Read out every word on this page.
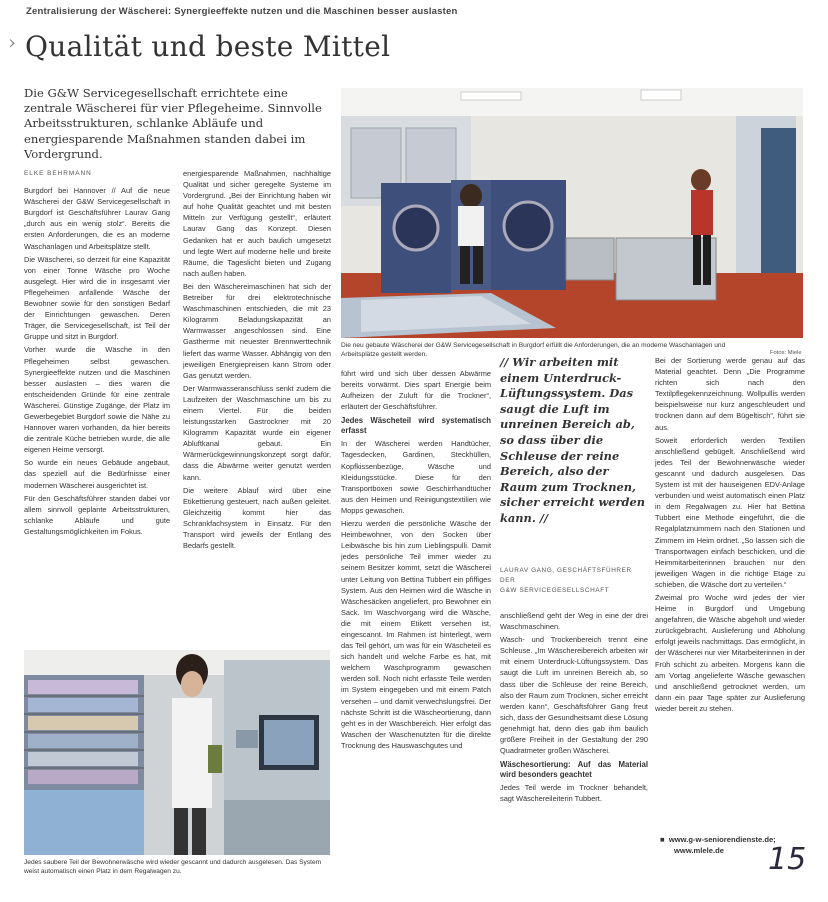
Zentralisierung der Wäscherei: Synergieeffekte nutzen und die Maschinen besser auslasten
› Qualität und beste Mittel
Die G&W Servicegesellschaft errichtete eine zentrale Wäscherei für vier Pflegeheime. Sinnvolle Arbeitsstrukturen, schlanke Abläufe und energiesparende Maßnahmen standen dabei im Vordergrund.

ELKE BEHRMANN

Burgdorf bei Hannover // Auf die neue Wäscherei der G&W Servicegesellschaft in Burgdorf ist Geschäftsführer Laurav Gang „durch aus ein wenig stolz“. Bereits die ersten Anforderungen, die es an moderne Waschanlagen und Arbeitsplätze stellt.

Die Wäscherei, so derzeit für eine Kapazität von einer Tonne Wäsche pro Woche ausgelegt. Hier wird die in insgesamt vier Pflegeheimen anfallende Wäsche der Bewohner sowie für den sonstigen Bedarf der Einrichtungen gewaschen. Deren Träger, die Servicegesellschaft, ist Teil der Gruppe und sitzt in Burgdorf.

Vorher wurde die Wäsche in den Pflegeheimen selbst gewaschen. Synergieeffekte nutzen und die Maschinen besser auslasten – dies waren die entscheidenden Gründe für eine zentrale Wäscherei. Günstige Zugänge, der Platz im Gewerbegebiet Burgdorf sowie die Nähe zu Hannover waren vorhanden, da hier bereits die zentrale Küche betrieben wurde, die alle eigenen Heime versorgt.

So wurde ein neues Gebäude angebaut, das speziell auf die Bedürfnisse einer modernen Wäscherei ausgerichtet ist.

Für den Geschäftsführer standen dabei vor allem sinnvoll geplante Arbeitsstrukturen, schlanke Abläufe und gute Gestaltungsmöglichkeiten im Fokus.

energiesparende Maßnahmen, nachhaltige Qualität und sicher geregelte Systeme im Vordergrund. „Bei der Einrichtung haben wir auf hohe Qualität geachtet und mit besten Mitteln zur Verfügung gestellt“, erläutert Laurav Gang das Konzept. Diesen Gedanken hat er auch baulich umgesetzt und legte Wert auf moderne helle und breite Räume, die Tageslicht bieten und Zugang nach außen haben.

Bei den Wäschereimaschinen hat sich der Betreiber für drei elektrotechnische Waschmaschinen entschieden, die mit 23 Kilogramm Beladungskapazität an Warmwasser angeschlossen sind. Eine Gastherme mit neuester Brennwerttechnik liefert das warme Wasser. Abhängig von den jeweiligen Energiepreisen kann Strom oder Gas genutzt werden.

Der Warmwasseranschluss senkt zudem die Laufzeiten der Waschmaschine um bis zu einem Viertel. Für die beiden leistungsstarken Gastrockner mit 20 Kilogramm Kapazität wurde ein eigener Abluftkanal gebaut. Ein Wärmerückgewinnungskonzept sorgt dafür, dass die Abwärme weiter genutzt werden kann.

Die weitere Ablauf wird über eine Etikettierung gesteuert, nach außen geleitet. Gleichzeitig kommt hier das Schrankfachsystem in Einsatz. Für den Transport wird jeweils der Entlang des Bedarfs gestellt.

Die neu gebaute Wäscherei der G&W Servicegesellschaft in Burgdorf erfüllt die Anforderungen, die an moderne Waschanlagen und Arbeitsplätze gestellt werden.	Fotos: Miele

führt wird und sich über dessen Abwärme bereits vorwärmt. Dies spart Energie beim Aufheizen der Zuluft für die Trockner“, erläutert der Geschäftsführer.

Jedes Wäscheteil wird systematisch erfasst

In der Wäscherei werden Handtücher, Tagesdecken, Gardinen, Steckhüllen, Kopfkissenbezüge, Wäsche und Kleidungsstücke. Diese für den Transportboxen sowie Geschirrhandtücher aus den Heimen und Reinigungstextilien wie Mopps gewaschen.

Hierzu werden die persönliche Wäsche der Heimbewohner, von den Socken über Leibwäsche bis hin zum Lieblingspulli. Damit jedes persönliche Teil immer wieder zu seinem Besitzer kommt, setzt die Wäscherei unter Leitung von Bettina Tubbert ein pfiffiges System. Aus den Heimen wird die Wäsche in Wäschesäcken angeliefert, pro Bewohner ein Sack. Im Waschvorgang wird die Wäsche, die mit einem Etikett versehen ist, eingescannt. Im Rahmen ist hinterlegt, wem das Teil gehört, um was für ein Wäscheteil es sich handelt und welche Farbe es hat, mit welchem Waschprogramm gewaschen werden soll. Noch nicht erfasste Teile werden im System eingegeben und mit einem Patch versehen – und damit verwechslungsfrei. Der nächste Schritt ist die Wäscheortierung, dann geht es in der Waschbereich. Hier erfolgt das Waschen der Waschenutzten für die direkte Trocknung des Hauswaschgutes und

// Wir arbeiten mit einem Unterdruck-Lüftungssystem. Das saugt die Luft im unreinen Bereich ab, so dass über die Schleuse der reine Bereich, also der Raum zum Trocknen, sicher erreicht werden kann. //
LAURAV GANG, GESCHÄFTSFÜHRER DER
G&W SERVICEGESELLSCHAFT

anschließend geht der Weg in eine der drei Waschmaschinen.

Wasch- und Trockenbereich trennt eine Schleuse. „Im Wäschereibereich arbeiten wir mit einem Unterdruck-Lüftungssystem. Das saugt die Luft im unreinen Bereich ab, so dass über die Schleuse der reine Bereich, also der Raum zum Trocknen, sicher erreicht werden kann“, Geschäftsführer Gang freut sich, dass der Gesundheitsamt diese Lösung genehmigt hat, denn dies gab ihm baulich größere Freiheit in der Gestaltung der 290 Quadratmeter großen Wäscherei.

Wäschesortierung: Auf das Material wird besonders geachtet

Jedes Teil werde im Trockner behandelt, sagt Wäschereileiterin Tubbert.

Bei der Sortierung werde genau auf das Material geachtet. Denn „Die Programme richten sich nach den Textilpflegekennzeichnung. Wollpullis werden beispielsweise nur kurz angeschleudert und trocknen dann auf dem Bügeltisch“, führt sie aus.

Soweit erforderlich werden Textilien anschließend gebügelt. Anschließend wird jedes Teil der Bewohnerwäsche wieder gescannt und dadurch ausgelesen. Das System ist mit der hauseigenen EDV-Anlage verbunden und weist automatisch einen Platz in dem Regalwagen zu. Hier hat Bettina Tubbert eine Methode eingeführt, die die Regalplatznummern nach den Stationen und Zimmern im Heim ordnet. „So lassen sich die Transportwagen einfach beschicken, und die Heimmitarbeiterinnen brauchen nur den jeweiligen Wagen in die richtige Etage zu schieben, die Wäsche dort zu verteilen.“

Zweimal pro Woche wird jedes der vier Heime in Burgdorf und Umgebung angefahren, die Wäsche abgeholt und wieder zurückgebracht. Auslieferung und Abholung erfolgt jeweils nachmittags. Das ermöglicht, in der Wäscherei nur vier Mitarbeiterinnen in der Früh schicht zu arbeiten. Morgens kann die am Vortag angelieferte Wäsche gewaschen und anschließend getrocknet werden, um dann ein paar Tage später zur Auslieferung wieder bereit zu stehen.

■ www.g-w-seniorendienste.de;
www.mlele.de	15
Jedes saubere Teil der Bewohnerwäsche wird wieder gescannt und dadurch ausgelesen. Das System weist automatisch einen Platz in dem Regalwagen zu.
